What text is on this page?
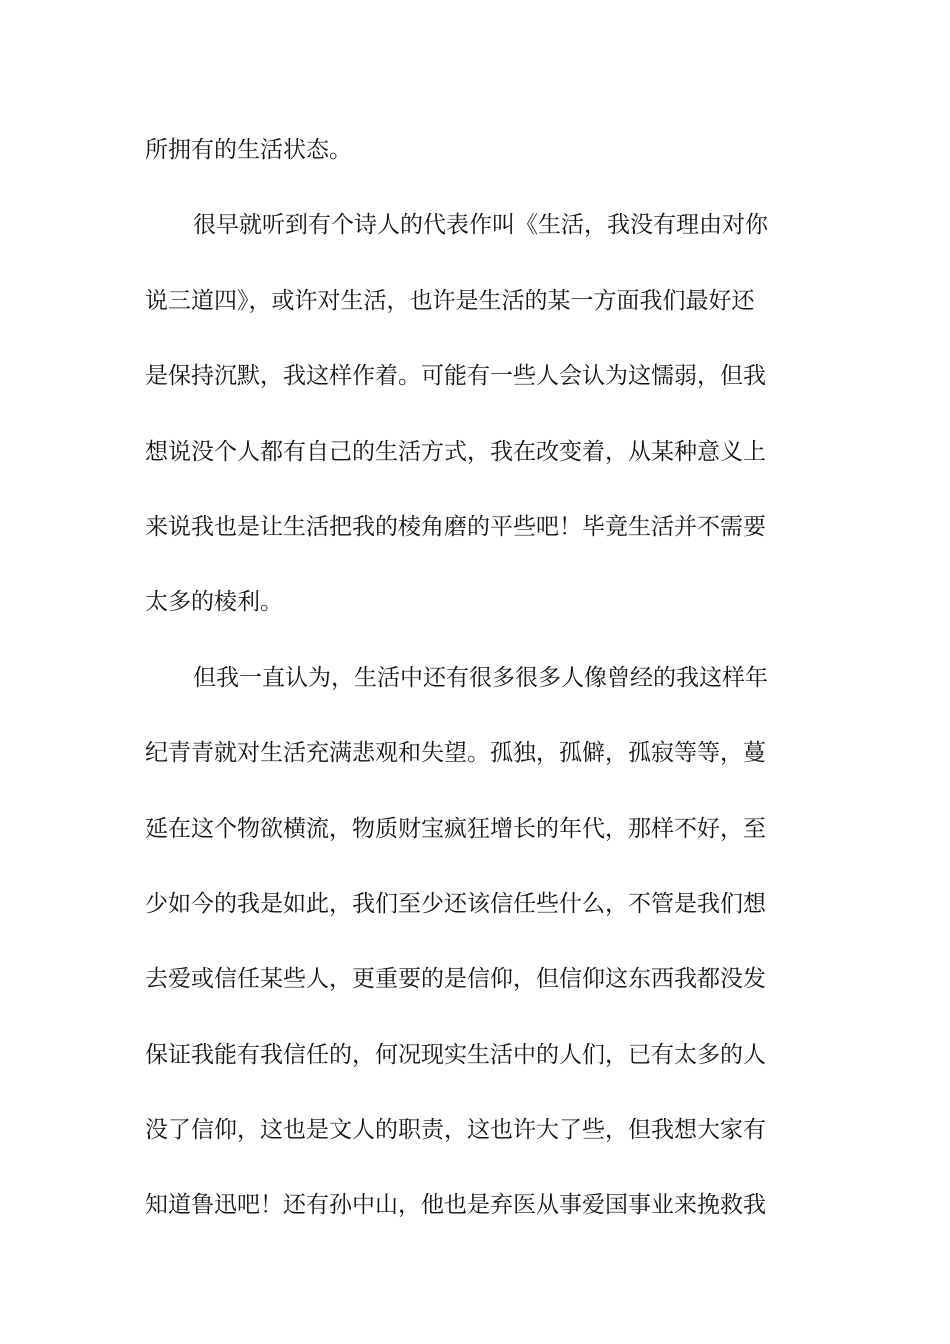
所拥有的生活状态。
很早就听到有个诗人的代表作叫《生活，我没有理由对你
说三道四》，或许对生活，也许是生活的某一方面我们最好还
是保持沉默，我这样作着。可能有一些人会认为这懦弱，但我
想说没个人都有自己的生活方式，我在改变着，从某种意义上
来说我也是让生活把我的棱角磨的平些吧！毕竟生活并不需要
太多的棱利。
但我一直认为，生活中还有很多很多人像曾经的我这样年
纪青青就对生活充满悲观和失望。孤独，孤僻，孤寂等等，蔓
延在这个物欲横流，物质财宝疯狂增长的年代，那样不好，至
少如今的我是如此，我们至少还该信任些什么，不管是我们想
去爱或信任某些人，更重要的是信仰，但信仰这东西我都没发
保证我能有我信任的，何况现实生活中的人们，已有太多的人
没了信仰，这也是文人的职责，这也许大了些，但我想大家有
知道鲁迅吧！还有孙中山，他也是弃医从事爱国事业来挽救我
